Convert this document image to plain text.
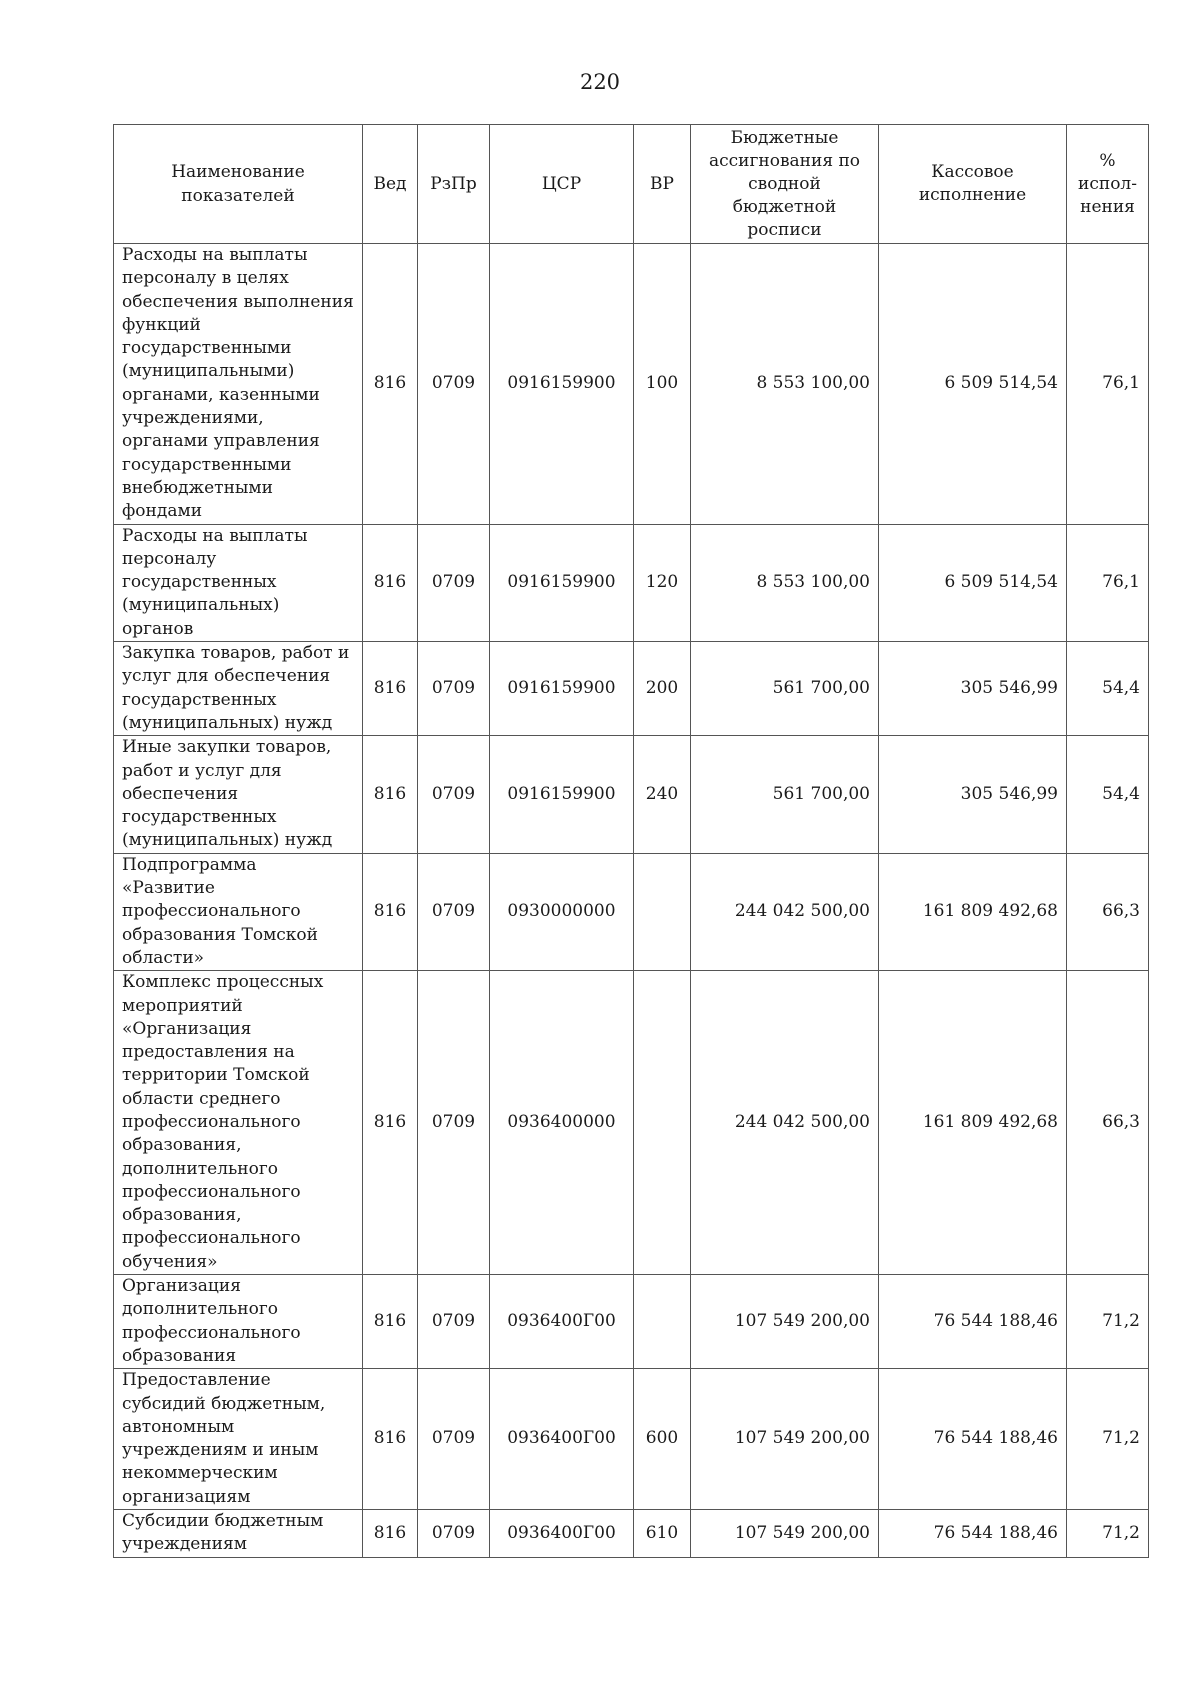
220
Наименование показателей	Вед	РзПр	ЦСР	ВР	Бюджетные ассигнования по сводной бюджетной росписи	Кассовое исполнение	% испол-нения
Расходы на выплаты персоналу в целях обеспечения выполнения функций государственными (муниципальными) органами, казенными учреждениями, органами управления государственными внебюджетными фондами	816	0709	0916159900	100	8 553 100,00	6 509 514,54	76,1
Расходы на выплаты персоналу государственных (муниципальных) органов	816	0709	0916159900	120	8 553 100,00	6 509 514,54	76,1
Закупка товаров, работ и услуг для обеспечения государственных (муниципальных) нужд	816	0709	0916159900	200	561 700,00	305 546,99	54,4
Иные закупки товаров, работ и услуг для обеспечения государственных (муниципальных) нужд	816	0709	0916159900	240	561 700,00	305 546,99	54,4
Подпрограмма «Развитие профессионального образования Томской области»	816	0709	0930000000		244 042 500,00	161 809 492,68	66,3
Комплекс процессных мероприятий «Организация предоставления на территории Томской области среднего профессионального образования, дополнительного профессионального образования, профессионального обучения»	816	0709	0936400000		244 042 500,00	161 809 492,68	66,3
Организация дополнительного профессионального образования	816	0709	0936400Г00		107 549 200,00	76 544 188,46	71,2
Предоставление субсидий бюджетным, автономным учреждениям и иным некоммерческим организациям	816	0709	0936400Г00	600	107 549 200,00	76 544 188,46	71,2
Субсидии бюджетным учреждениям	816	0709	0936400Г00	610	107 549 200,00	76 544 188,46	71,2
